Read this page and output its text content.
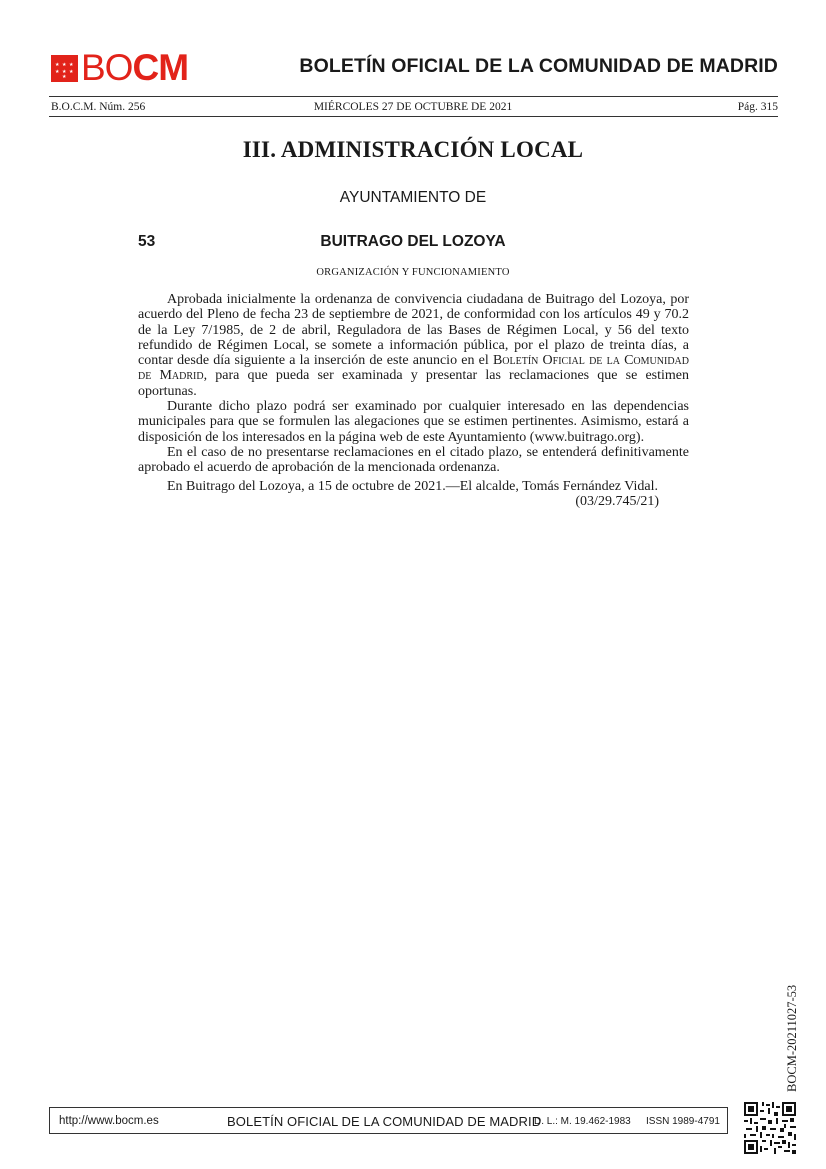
★ ★ ★
★ ★ ★
★ BOCM	BOLETÍN OFICIAL DE LA COMUNIDAD DE MADRID
B.O.C.M. Núm. 256	MIÉRCOLES 27 DE OCTUBRE DE 2021	Pág. 315
III. ADMINISTRACIÓN LOCAL
AYUNTAMIENTO DE
53	BUITRAGO DEL LOZOYA
ORGANIZACIÓN Y FUNCIONAMIENTO

Aprobada inicialmente la ordenanza de convivencia ciudadana de Buitrago del Lozoya, por acuerdo del Pleno de fecha 23 de septiembre de 2021, de conformidad con los artículos 49 y 70.2 de la Ley 7/1985, de 2 de abril, Reguladora de las Bases de Régimen Local, y 56 del texto refundido de Régimen Local, se somete a información pública, por el plazo de treinta días, a contar desde día siguiente a la inserción de este anuncio en el Boletín Oficial de la Comunidad de Madrid, para que pueda ser examinada y presentar las reclamaciones que se estimen oportunas.

Durante dicho plazo podrá ser examinado por cualquier interesado en las dependencias municipales para que se formulen las alegaciones que se estimen pertinentes. Asimismo, estará a disposición de los interesados en la página web de este Ayuntamiento (www.buitrago.org).

En el caso de no presentarse reclamaciones en el citado plazo, se entenderá definitivamente aprobado el acuerdo de aprobación de la mencionada ordenanza.

En Buitrago del Lozoya, a 15 de octubre de 2021.—El alcalde, Tomás Fernández Vidal.

(03/29.745/21)

BOCM-20211027-53
http://www.bocm.es	BOLETÍN OFICIAL DE LA COMUNIDAD DE MADRID
D. L.: M. 19.462-1983 ISSN 1989-4791
